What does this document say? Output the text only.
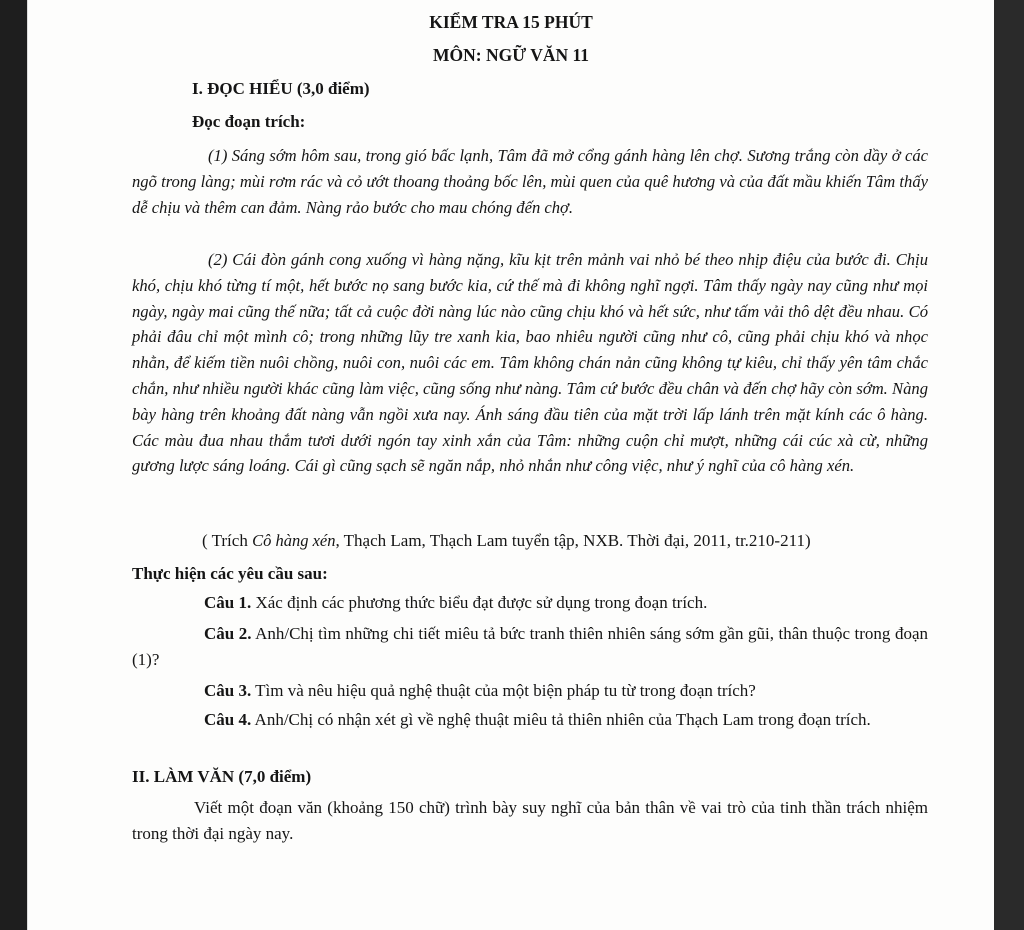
KIỂM TRA 15 PHÚT
MÔN: NGỮ VĂN 11
I. ĐỌC HIỂU (3,0 điểm)
Đọc đoạn trích:
(1) Sáng sớm hôm sau, trong gió bấc lạnh, Tâm đã mở cổng gánh hàng lên chợ. Sương trắng còn dầy ở các ngõ trong làng; mùi rơm rác và cỏ ướt thoang thoảng bốc lên, mùi quen của quê hương và của đất mầu khiến Tâm thấy dễ chịu và thêm can đảm. Nàng rảo bước cho mau chóng đến chợ.
(2) Cái đòn gánh cong xuống vì hàng nặng, kĩu kịt trên mảnh vai nhỏ bé theo nhịp điệu của bước đi. Chịu khó, chịu khó từng tí một, hết bước nọ sang bước kia, cứ thế mà đi không nghĩ ngợi. Tâm thấy ngày nay cũng như mọi ngày, ngày mai cũng thế nữa; tất cả cuộc đời nàng lúc nào cũng chịu khó và hết sức, như tấm vải thô dệt đều nhau. Có phải đâu chỉ một mình cô; trong những lũy tre xanh kia, bao nhiêu người cũng như cô, cũng phải chịu khó và nhọc nhằn, để kiếm tiền nuôi chồng, nuôi con, nuôi các em. Tâm không chán nản cũng không tự kiêu, chỉ thấy yên tâm chắc chắn, như nhiều người khác cũng làm việc, cũng sống như nàng. Tâm cứ bước đều chân và đến chợ hãy còn sớm. Nàng bày hàng trên khoảng đất nàng vẫn ngồi xưa nay. Ánh sáng đầu tiên của mặt trời lấp lánh trên mặt kính các ô hàng. Các màu đua nhau thắm tươi dưới ngón tay xinh xắn của Tâm: những cuộn chỉ mượt, những cái cúc xà cừ, những gương lược sáng loáng. Cái gì cũng sạch sẽ ngăn nắp, nhỏ nhắn như công việc, như ý nghĩ của cô hàng xén.
( Trích Cô hàng xén, Thạch Lam, Thạch Lam tuyển tập, NXB. Thời đại, 2011, tr.210-211)
Thực hiện các yêu cầu sau:
Câu 1. Xác định các phương thức biểu đạt được sử dụng trong đoạn trích.
Câu 2. Anh/Chị tìm những chi tiết miêu tả bức tranh thiên nhiên sáng sớm gần gũi, thân thuộc trong đoạn (1)?
Câu 3. Tìm và nêu hiệu quả nghệ thuật của một biện pháp tu từ trong đoạn trích?
Câu 4. Anh/Chị có nhận xét gì về nghệ thuật miêu tả thiên nhiên của Thạch Lam trong đoạn trích.
II. LÀM VĂN (7,0 điểm)
Viết một đoạn văn (khoảng 150 chữ) trình bày suy nghĩ của bản thân về vai trò của tinh thần trách nhiệm trong thời đại ngày nay.
